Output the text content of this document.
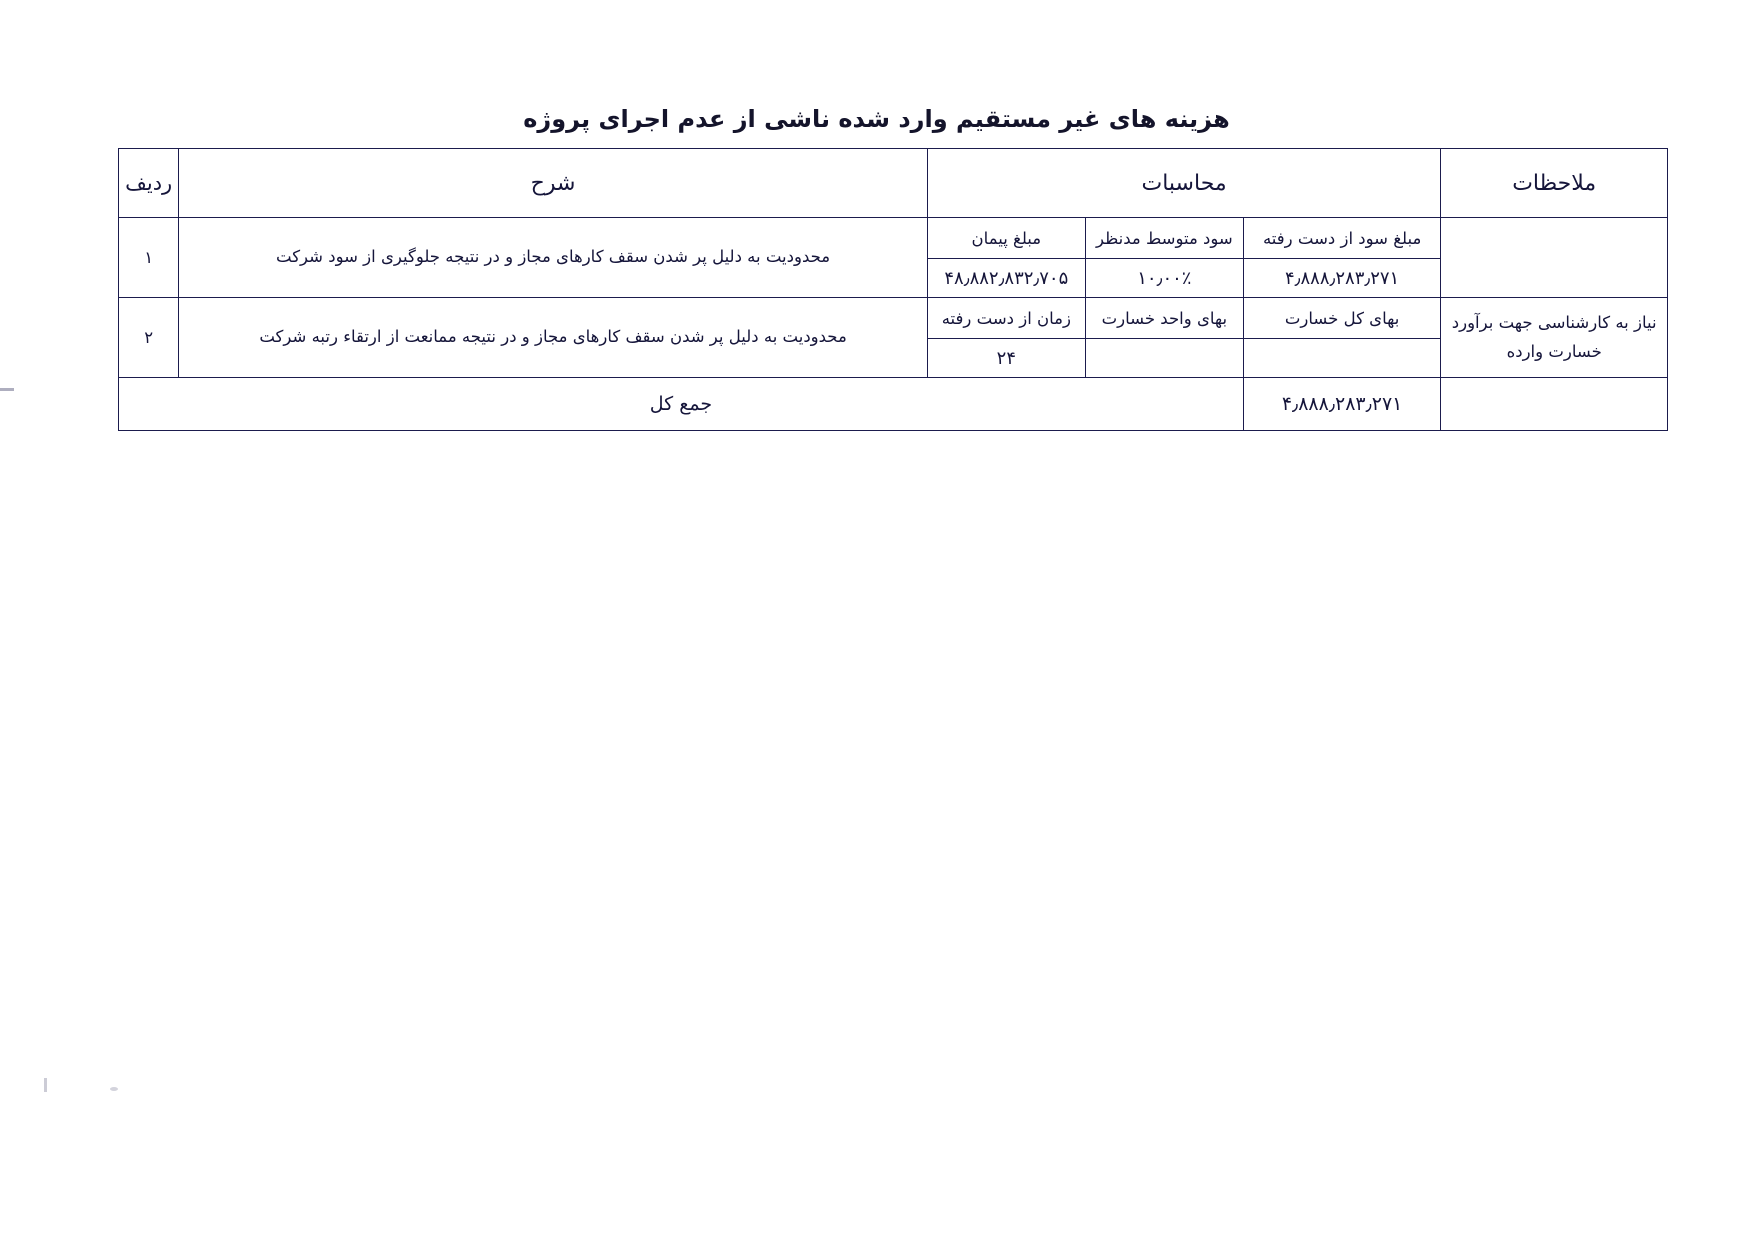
هزینه های غیر مستقیم وارد شده ناشی از عدم اجرای پروژه
ملاحظات	محاسبات			شرح	ردیف
	مبلغ سود از دست رفته	سود متوسط مدنظر	مبلغ پیمان	محدودیت به دلیل پر شدن سقف کارهای مجاز و در نتیجه جلوگیری از سود شرکت	۱
	۴٫۸۸۸٫۲۸۳٫۲۷۱	۱۰٫۰۰٪	۴۸٫۸۸۲٫۸۳۲٫۷۰۵		
نیاز به کارشناسی جهت برآورد خسارت وارده	بهای کل خسارت	بهای واحد خسارت	زمان از دست رفته	محدودیت به دلیل پر شدن سقف کارهای مجاز و در نتیجه ممانعت از ارتقاء رتبه شرکت	۲
			۲۴		
	۴٫۸۸۸٫۲۸۳٫۲۷۱	جمع کل			
